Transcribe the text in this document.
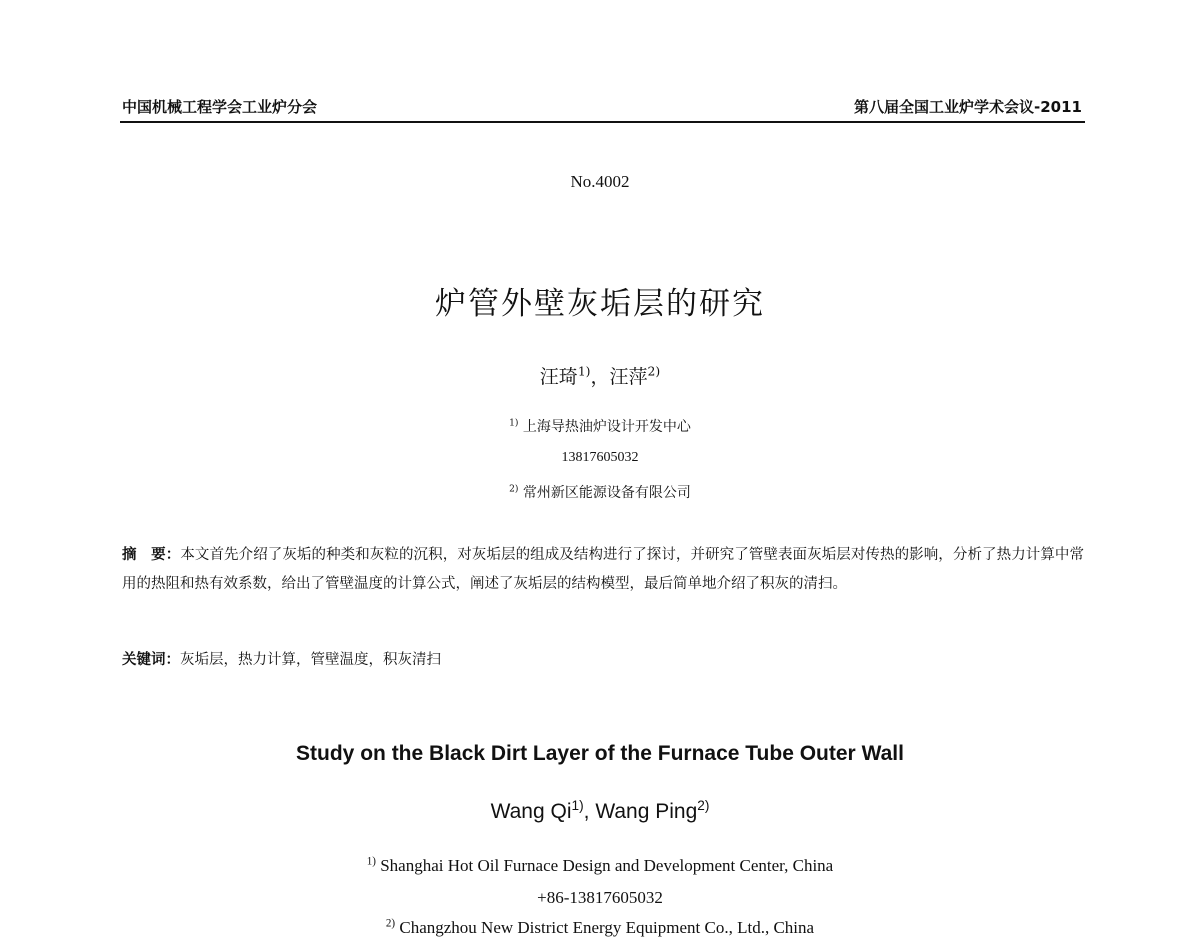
中国机械工程学会工业炉分会	第八届全国工业炉学术会议-2011
No.4002
炉管外壁灰垢层的研究
汪琦$^{1)}$，汪萍$^{2)}$
$^{1)}$ 上海导热油炉设计开发中心
13817605032
$^{2)}$ 常州新区能源设备有限公司
摘　要：本文首先介绍了灰垢的种类和灰粒的沉积，对灰垢层的组成及结构进行了探讨，并研究了管壁表面灰垢层对传热的影响，分析了热力计算中常用的热阻和热有效系数，给出了管壁温度的计算公式，阐述了灰垢层的结构模型，最后简单地介绍了积灰的清扫。
关键词：灰垢层，热力计算，管壁温度，积灰清扫
Study on the Black Dirt Layer of the Furnace Tube Outer Wall
Wang Qi$^{1)}$, Wang Ping$^{2)}$
$^{1)}$ Shanghai Hot Oil Furnace Design and Development Center, China
+86-13817605032
$^{2)}$ Changzhou New District Energy Equipment Co., Ltd., China
